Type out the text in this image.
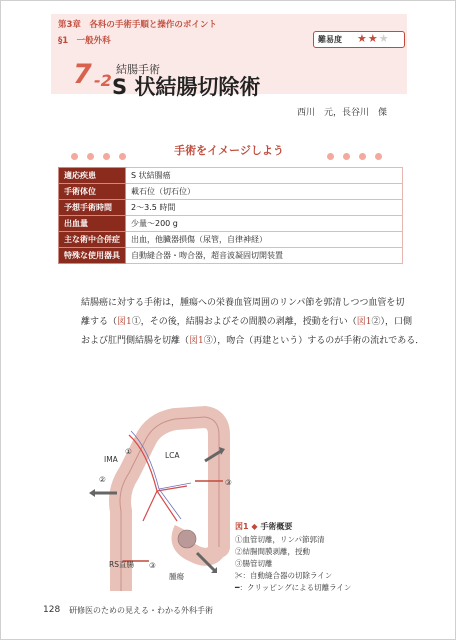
第3章　各科の手術手順と操作のポイント
§1　一般外科	難易度 ★★★
7 -2
結腸手術
S 状結腸切除術
西川　元，長谷川　傑
手術をイメージしよう
適応疾患	S 状結腸癌
手術体位	載石位（切石位）
予想手術時間	2～3.5 時間
出血量	少量～200 g
主な術中合併症	出血，他臓器損傷（尿管，自律神経）
特殊な使用器具	自動縫合器・吻合器，超音波凝固切開装置

結腸癌に対する手術は，腫瘍への栄養血管周囲のリンパ節を郭清しつつ血管を切

離する（図1①，その後，結腸およびその間膜の剥離，授動を行い（図1②），口側

および肛門側結腸を切離（図1③），吻合（再建という）するのが手術の流れである．

①
IMA	LCA
②	③
③
RS直腸
腫瘍
図1 ◆ 手術概要
①血管切離，リンパ節郭清
②結腸間膜剥離，授動
③腸管切離
✂：自動縫合器の切除ライン
━：クリッピングによる切離ライン
128 研修医のための見える・わかる外科手術
